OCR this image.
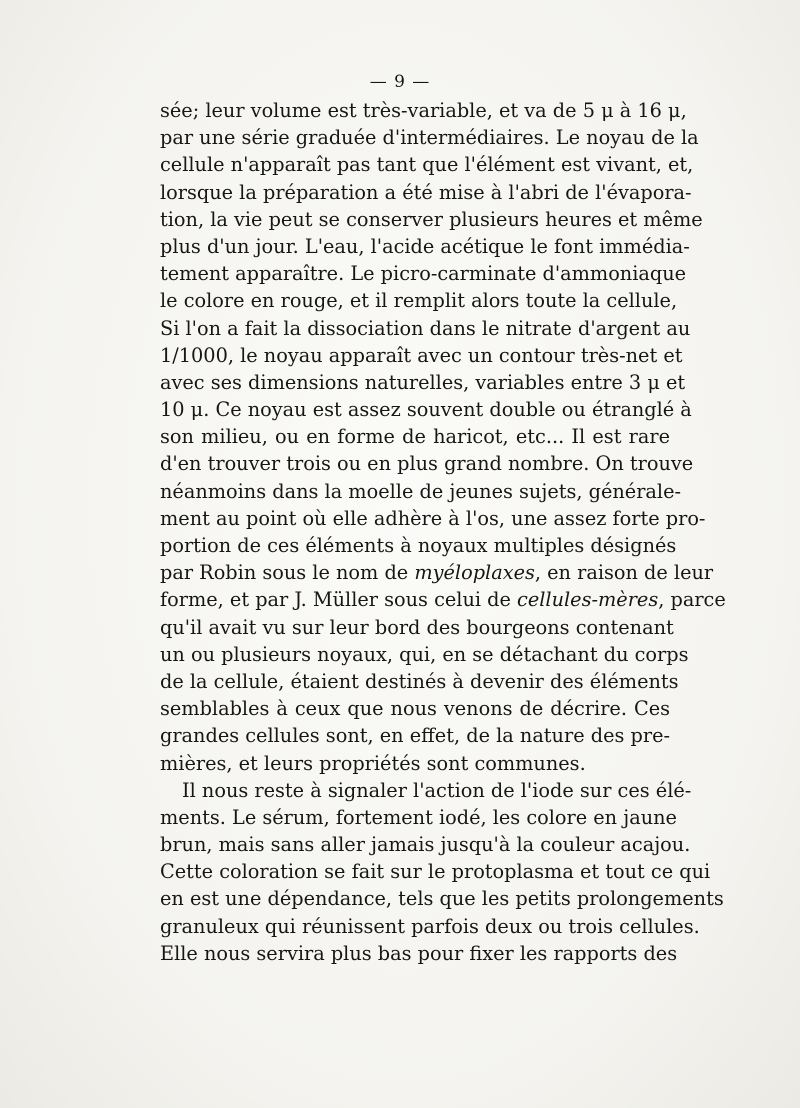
— 9 —
sée; leur volume est très-variable, et va de 5 μ à 16 μ,
par une série graduée d'intermédiaires. Le noyau de la
cellule n'apparaît pas tant que l'élément est vivant, et,
lorsque la préparation a été mise à l'abri de l'évapora-
tion, la vie peut se conserver plusieurs heures et même
plus d'un jour. L'eau, l'acide acétique le font immédia-
tement apparaître. Le picro-carminate d'ammoniaque
le colore en rouge, et il remplit alors toute la cellule,
Si l'on a fait la dissociation dans le nitrate d'argent au
1/1000, le noyau apparaît avec un contour très-net et
avec ses dimensions naturelles, variables entre 3 μ et
10 μ. Ce noyau est assez souvent double ou étranglé à
son milieu, ou en forme de haricot, etc... Il est rare
d'en trouver trois ou en plus grand nombre. On trouve
néanmoins dans la moelle de jeunes sujets, générale-
ment au point où elle adhère à l'os, une assez forte pro-
portion de ces éléments à noyaux multiples désignés
par Robin sous le nom de myéloplaxes, en raison de leur
forme, et par J. Müller sous celui de cellules-mères, parce
qu'il avait vu sur leur bord des bourgeons contenant
un ou plusieurs noyaux, qui, en se détachant du corps
de la cellule, étaient destinés à devenir des éléments
semblables à ceux que nous venons de décrire. Ces
grandes cellules sont, en effet, de la nature des pre-
mières, et leurs propriétés sont communes.
Il nous reste à signaler l'action de l'iode sur ces élé-
ments. Le sérum, fortement iodé, les colore en jaune
brun, mais sans aller jamais jusqu'à la couleur acajou.
Cette coloration se fait sur le protoplasma et tout ce qui
en est une dépendance, tels que les petits prolongements
granuleux qui réunissent parfois deux ou trois cellules.
Elle nous servira plus bas pour fixer les rapports des
